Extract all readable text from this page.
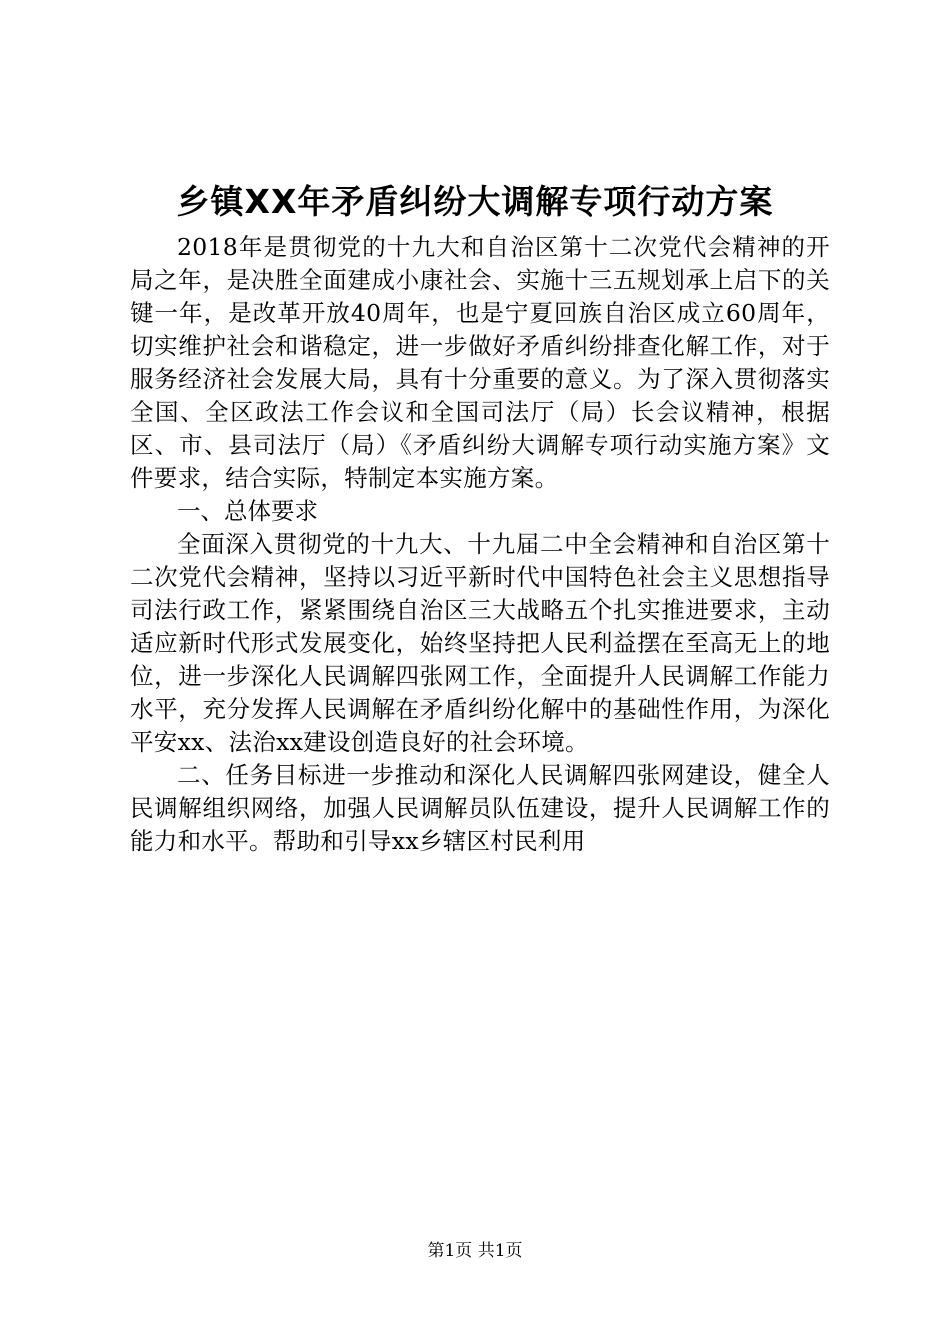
乡镇XX年矛盾纠纷大调解专项行动方案

2018年是贯彻党的十九大和自治区第十二次党代会精神的开局之年，是决胜全面建成小康社会、实施十三五规划承上启下的关键一年，是改革开放40周年，也是宁夏回族自治区成立60周年，切实维护社会和谐稳定，进一步做好矛盾纠纷排查化解工作，对于服务经济社会发展大局，具有十分重要的意义。为了深入贯彻落实全国、全区政法工作会议和全国司法厅（局）长会议精神，根据区、市、县司法厅（局）《矛盾纠纷大调解专项行动实施方案》文件要求，结合实际，特制定本实施方案。

一、总体要求

全面深入贯彻党的十九大、十九届二中全会精神和自治区第十二次党代会精神，坚持以习近平新时代中国特色社会主义思想指导司法行政工作，紧紧围绕自治区三大战略五个扎实推进要求，主动适应新时代形式发展变化，始终坚持把人民利益摆在至高无上的地位，进一步深化人民调解四张网工作，全面提升人民调解工作能力水平，充分发挥人民调解在矛盾纠纷化解中的基础性作用，为深化平安xx、法治xx建设创造良好的社会环境。

二、任务目标进一步推动和深化人民调解四张网建设，健全人民调解组织网络，加强人民调解员队伍建设，提升人民调解工作的能力和水平。帮助和引导xx乡辖区村民利用

第1页 共1页
